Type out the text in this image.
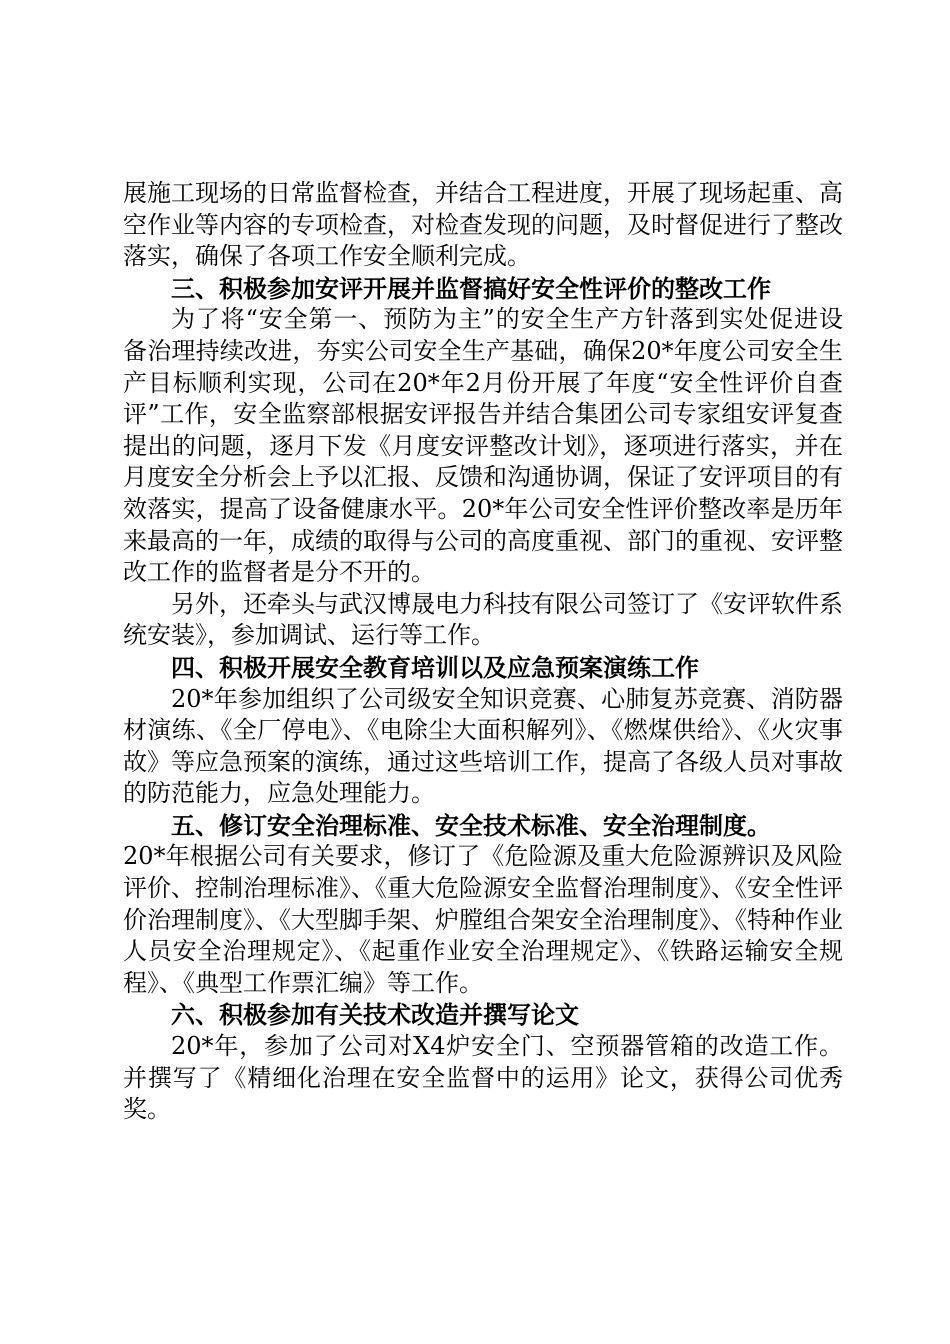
展施工现场的日常监督检查，并结合工程进度，开展了现场起重、高空作业等内容的专项检查，对检查发现的问题，及时督促进行了整改落实，确保了各项工作安全顺利完成。

三、积极参加安评开展并监督搞好安全性评价的整改工作

为了将“安全第一、预防为主”的安全生产方针落到实处促进设备治理持续改进，夯实公司安全生产基础，确保20*年度公司安全生产目标顺利实现，公司在20*年2月份开展了年度“安全性评价自查评”工作，安全监察部根据安评报告并结合集团公司专家组安评复查提出的问题，逐月下发《月度安评整改计划》，逐项进行落实，并在月度安全分析会上予以汇报、反馈和沟通协调，保证了安评项目的有效落实，提高了设备健康水平。20*年公司安全性评价整改率是历年来最高的一年，成绩的取得与公司的高度重视、部门的重视、安评整改工作的监督者是分不开的。

另外，还牵头与武汉博晟电力科技有限公司签订了《安评软件系统安装》，参加调试、运行等工作。

四、积极开展安全教育培训以及应急预案演练工作

20*年参加组织了公司级安全知识竞赛、心肺复苏竞赛、消防器材演练、《全厂停电》、《电除尘大面积解列》、《燃煤供给》、《火灾事故》等应急预案的演练，通过这些培训工作，提高了各级人员对事故的防范能力，应急处理能力。

五、修订安全治理标准、安全技术标准、安全治理制度。

20*年根据公司有关要求，修订了《危险源及重大危险源辨识及风险评价、控制治理标准》、《重大危险源安全监督治理制度》、《安全性评价治理制度》、《大型脚手架、炉膛组合架安全治理制度》、《特种作业人员安全治理规定》、《起重作业安全治理规定》、《铁路运输安全规程》、《典型工作票汇编》等工作。

六、积极参加有关技术改造并撰写论文

20*年，参加了公司对X4炉安全门、空预器管箱的改造工作。并撰写了《精细化治理在安全监督中的运用》论文，获得公司优秀奖。
